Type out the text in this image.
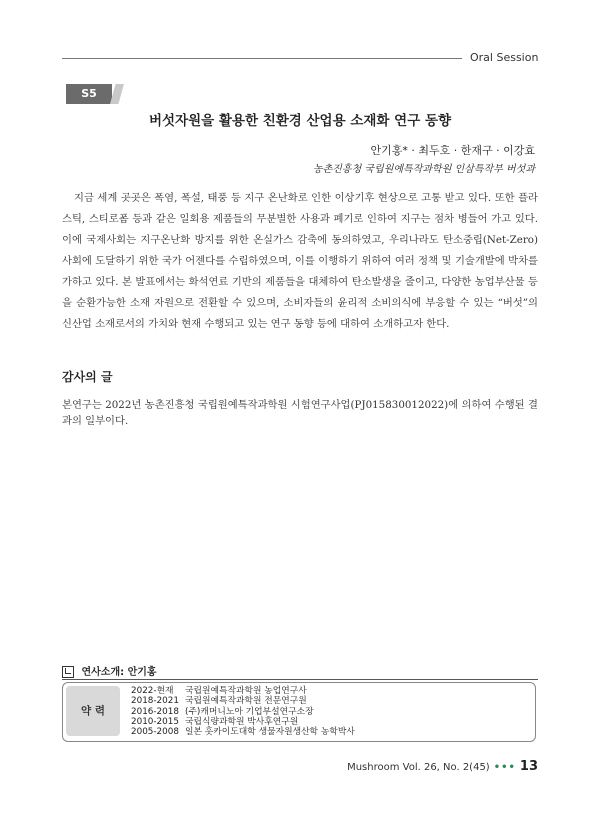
Oral Session
S5
버섯자원을 활용한 친환경 산업용 소재화 연구 동향
안기홍* · 최두호 · 한재구 · 이강효
농촌진흥청 국립원예특작과학원 인삼특작부 버섯과

지금 세계 곳곳은 폭염, 폭설, 태풍 등 지구 온난화로 인한 이상기후 현상으로 고통 받고 있다. 또한 플라스틱, 스티로폼 등과 같은 일회용 제품들의 무분별한 사용과 폐기로 인하여 지구는 점차 병들어 가고 있다. 이에 국제사회는 지구온난화 방지를 위한 온실가스 감축에 동의하였고, 우리나라도 탄소중립(Net-Zero) 사회에 도달하기 위한 국가 어젠다를 수립하였으며, 이를 이행하기 위하여 여러 정책 및 기술개발에 박차를 가하고 있다. 본 발표에서는 화석연료 기반의 제품들을 대체하여 탄소발생을 줄이고, 다양한 농업부산물 등을 순환가능한 소재 자원으로 전환할 수 있으며, 소비자들의 윤리적 소비의식에 부응할 수 있는 “버섯”의 신산업 소재로서의 가치와 현재 수행되고 있는 연구 동향 등에 대하여 소개하고자 한다.

감사의 글

본연구는 2022년 농촌진흥청 국립원예특작과학원 시험연구사업(PJ015830012022)에 의하여 수행된 결과의 일부이다.

연사소개: 안기홍
약 력
2022-현재 국립원예특작과학원 농업연구사
2018-2021 국립원예특작과학원 전문연구원
2016-2018 (주)캐머니노아 기업부설연구소장
2010-2015 국립식량과학원 박사후연구원
2005-2008 일본 홋카이도대학 생물자원생산학 농학박사
Mushroom Vol. 26, No. 2(45) ••• 13
